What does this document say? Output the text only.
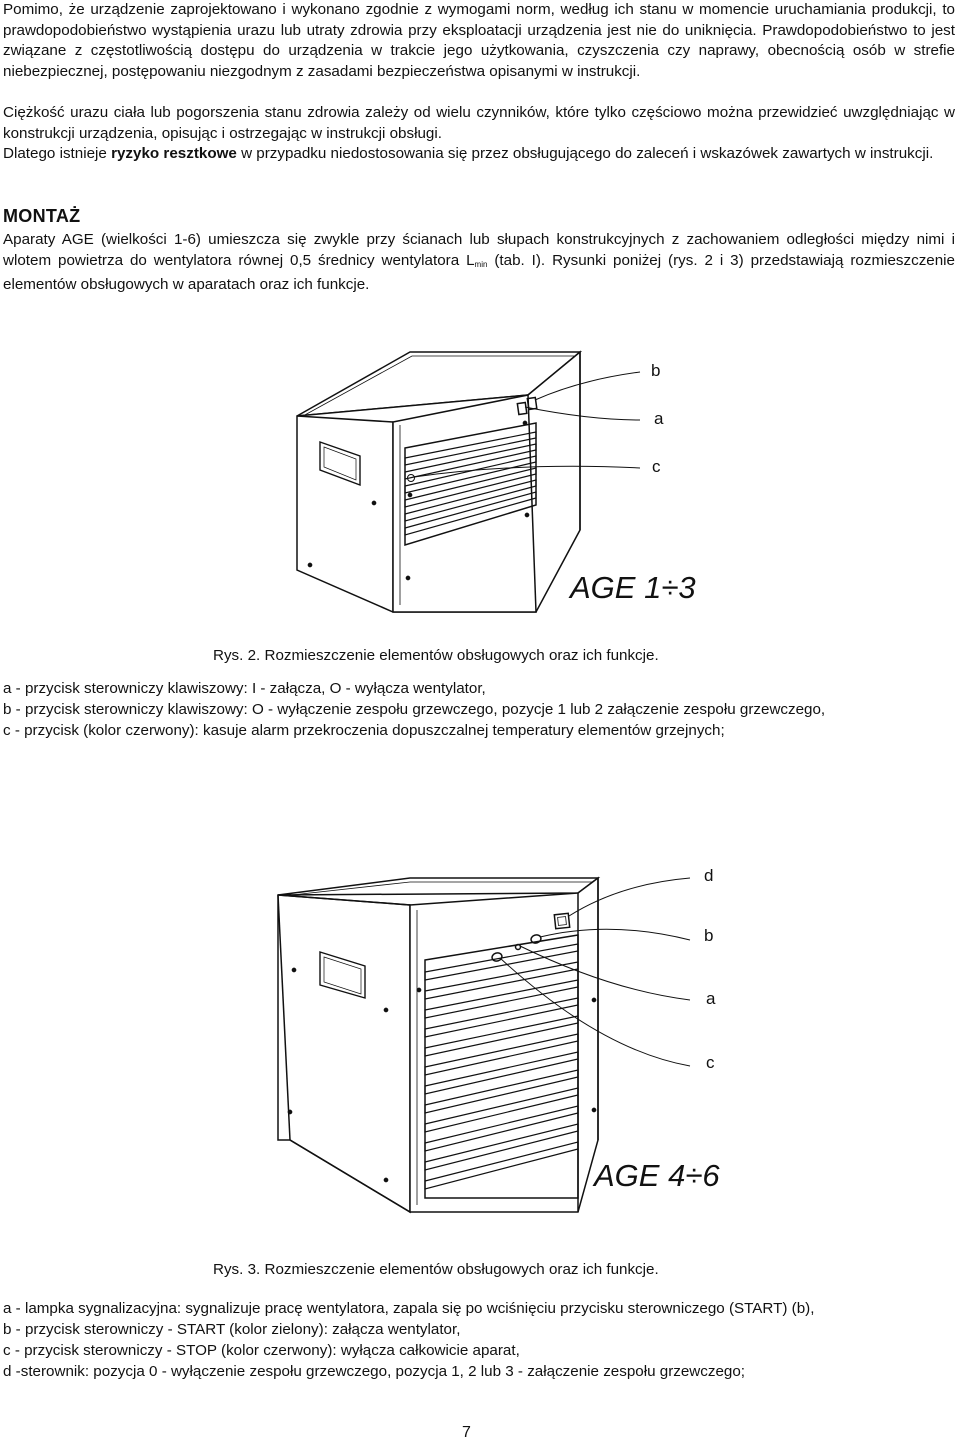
Pomimo, że urządzenie zaprojektowano i wykonano zgodnie z wymogami norm, według ich stanu w momencie uruchamiania produkcji, to prawdopodobieństwo wystąpienia urazu lub utraty zdrowia przy eksploatacji urządzenia jest nie do uniknięcia. Prawdopodobieństwo to jest związane z częstotliwością dostępu do urządzenia w trakcie jego użytkowania, czyszczenia czy naprawy, obecnością osób w strefie niebezpiecznej, postępowaniu niezgodnym z zasadami bezpieczeństwa opisanymi w instrukcji.

Ciężkość urazu ciała lub pogorszenia stanu zdrowia zależy od wielu czynników, które tylko częściowo można przewidzieć uwzględniając w konstrukcji urządzenia, opisując i ostrzegając w instrukcji obsługi.

Dlatego istnieje ryzyko resztkowe w przypadku niedostosowania się przez obsługującego do zaleceń i wskazówek zawartych w instrukcji.

MONTAŻ

Aparaty AGE (wielkości 1-6) umieszcza się zwykle przy ścianach lub słupach konstrukcyjnych z zachowaniem odległości między nimi i wlotem powietrza do wentylatora równej 0,5 średnicy wentylatora $L_{min}$ (tab. I). Rysunki poniżej (rys. 2 i 3) przedstawiają rozmieszczenie elementów obsługowych w aparatach oraz ich funkcje.

b
a
c
AGE 1÷3
Rys. 2. Rozmieszczenie elementów obsługowych oraz ich funkcje.
a - przycisk sterowniczy klawiszowy: I - załącza, O - wyłącza wentylator,
b - przycisk sterowniczy klawiszowy: O - wyłączenie zespołu grzewczego, pozycje 1 lub 2 załączenie zespołu grzewczego,
c - przycisk (kolor czerwony): kasuje alarm przekroczenia dopuszczalnej temperatury elementów grzejnych;
d
b
a
c
AGE 4÷6
Rys. 3. Rozmieszczenie elementów obsługowych oraz ich funkcje.
a - lampka sygnalizacyjna: sygnalizuje pracę wentylatora, zapala się po wciśnięciu przycisku sterowniczego (START) (b),
b - przycisk sterowniczy - START (kolor zielony): załącza wentylator,
c - przycisk sterowniczy - STOP (kolor czerwony): wyłącza całkowicie aparat,
d -sterownik: pozycja 0 - wyłączenie zespołu grzewczego, pozycja 1, 2 lub 3 - załączenie zespołu grzewczego;
7
